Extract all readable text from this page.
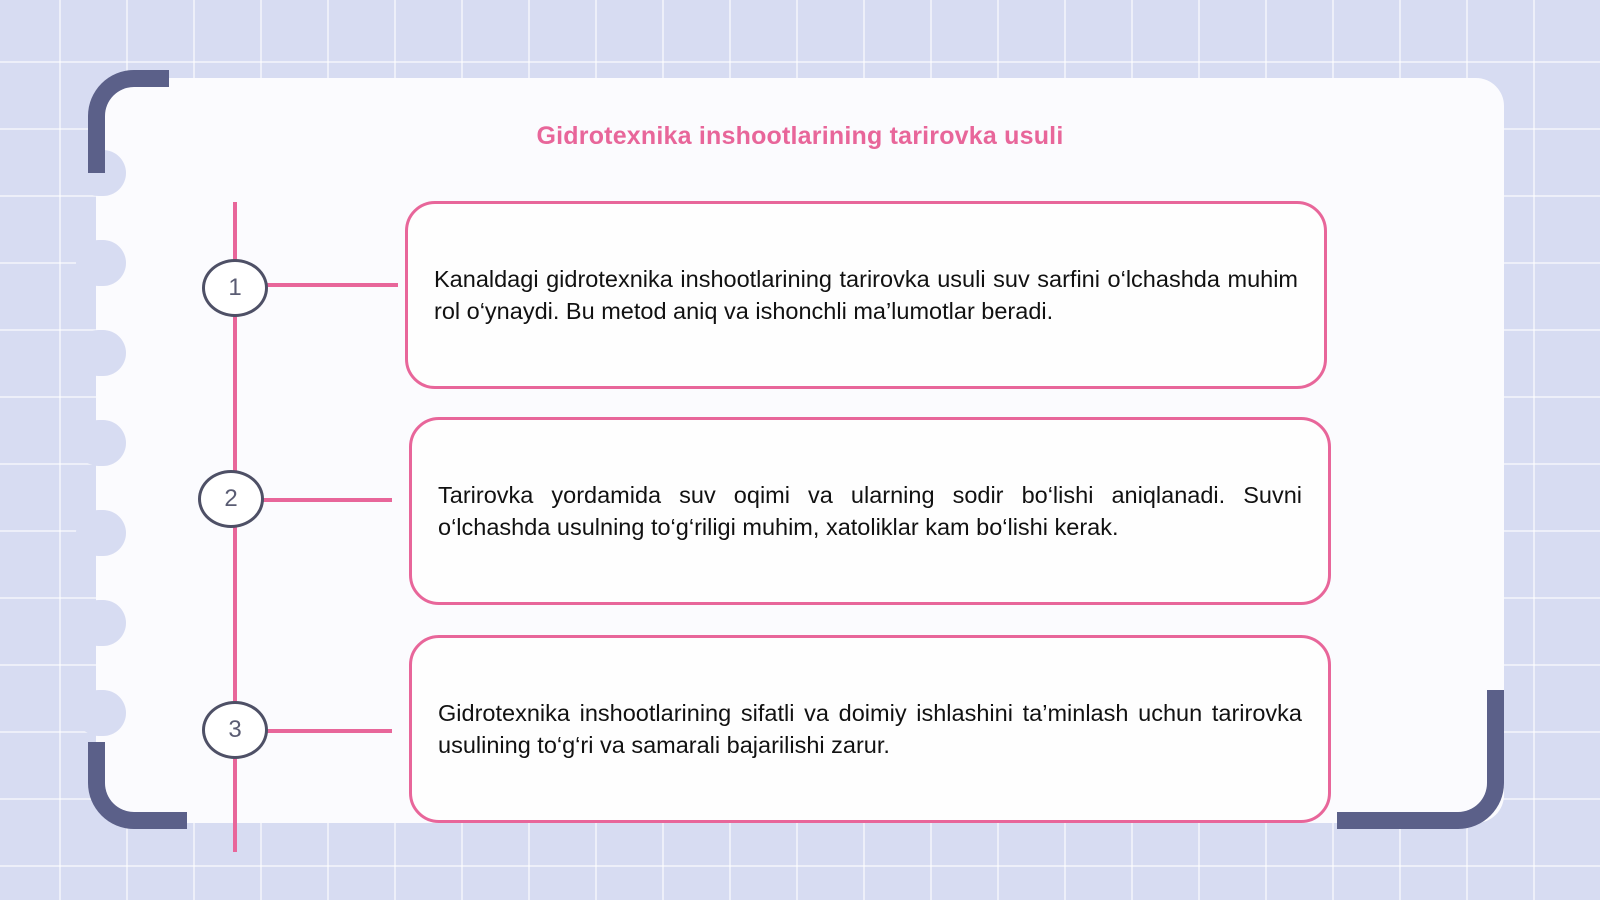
Gidrotexnika inshootlarining tarirovka usuli
1
2
3

Kanaldagi gidrotexnika inshootlarining tarirovka usuli suv sarfini o‘lchashda muhim rol o‘ynaydi. Bu metod aniq va ishonchli ma’lumotlar beradi.

Tarirovka yordamida suv oqimi va ularning sodir bo‘lishi aniqlanadi. Suvni o‘lchashda usulning to‘g‘riligi muhim, xatoliklar kam bo‘lishi kerak.

Gidrotexnika inshootlarining sifatli va doimiy ishlashini ta’minlash uchun tarirovka usulining to‘g‘ri va samarali bajarilishi zarur.
